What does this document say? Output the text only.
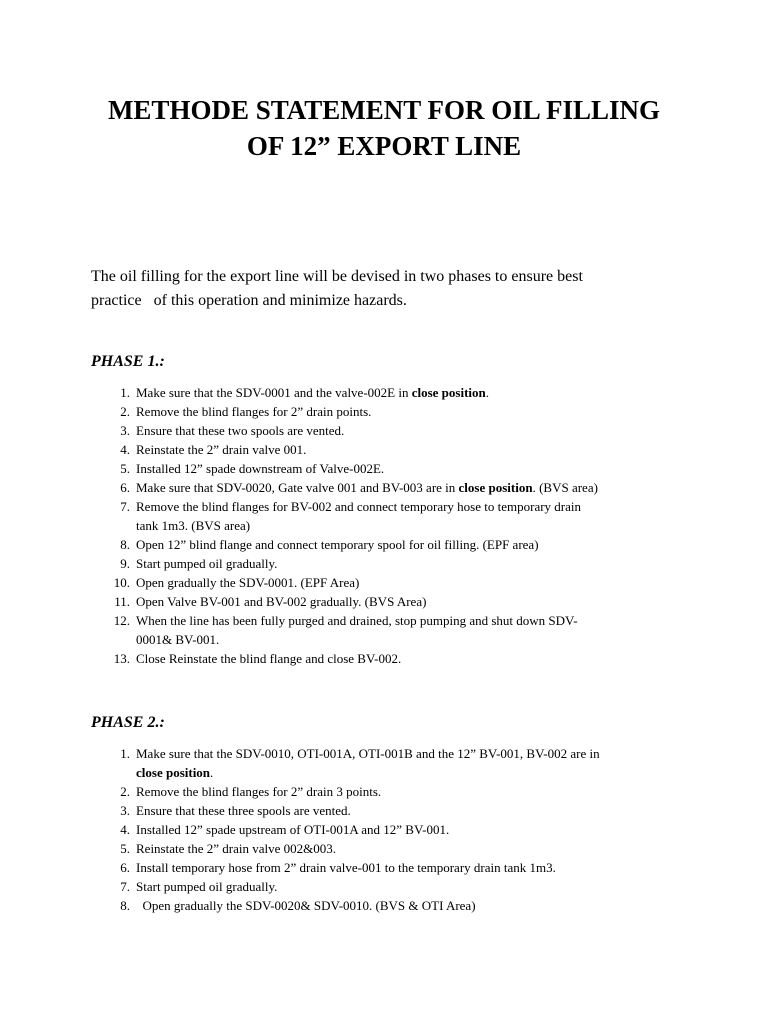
METHODE STATEMENT FOR OIL FILLING
OF 12” EXPORT LINE
The oil filling for the export line will be devised in two phases to ensure best
practice   of this operation and minimize hazards.
PHASE 1.:
1. Make sure that the SDV-0001 and the valve-002E in close position.
2. Remove the blind flanges for 2” drain points.
3. Ensure that these two spools are vented.
4. Reinstate the 2” drain valve 001.
5. Installed 12” spade downstream of Valve-002E.
6. Make sure that SDV-0020, Gate valve 001 and BV-003 are in close position. (BVS area)
7. Remove the blind flanges for BV-002 and connect temporary hose to temporary drain
tank 1m3. (BVS area)
8. Open 12” blind flange and connect temporary spool for oil filling. (EPF area)
9. Start pumped oil gradually.
10. Open gradually the SDV-0001. (EPF Area)
11. Open Valve BV-001 and BV-002 gradually. (BVS Area)
12. When the line has been fully purged and drained, stop pumping and shut down SDV-
0001& BV-001.
13. Close Reinstate the blind flange and close BV-002.
PHASE 2.:
1. Make sure that the SDV-0010, OTI-001A, OTI-001B and the 12” BV-001, BV-002 are in
close position.
2. Remove the blind flanges for 2” drain 3 points.
3. Ensure that these three spools are vented.
4. Installed 12” spade upstream of OTI-001A and 12” BV-001.
5. Reinstate the 2” drain valve 002&003.
6. Install temporary hose from 2” drain valve-001 to the temporary drain tank 1m3.
7. Start pumped oil gradually.
8. Open gradually the SDV-0020& SDV-0010. (BVS & OTI Area)
